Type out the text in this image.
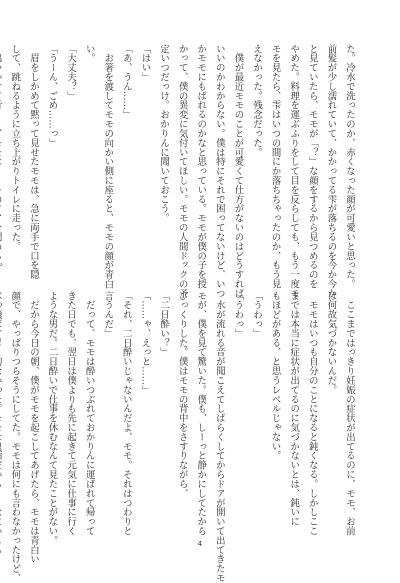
た。冷水で洗ったのか、赤くなった顔が可愛いと思った。
前髪が少し濡れていて、かかってる雫が落ちるのを今か今か
と見ていたら、モモが「？」な顔をするから見つめるのを
やめた。料理を運ぶふりをして目を反らしても、もう一度モ
モを見たら、雫はいつの間にか落ちちゃったのか、もう見
えなかった。残念だった。
　僕が最近モモのことが可愛くて仕方がないのはどうすれば
いいのかわからない。僕は特にそれで困ってないけど、いつ
かモモにもばれるのかなと思っている。モモが僕の子を授
かって、僕の異変に気付いてほしい。モモの人間ドックの予
定いつだっけ。おかりんに聞いておこう。
「はい」
「あ、うん……」
　お箸を渡してモモの向かい側に座ると、モモの顔が青白
い。
「大丈夫？」
「うーん、ごめ……っ」
　眉をしかめて黙って見せたモモは、急に両手で口を隠
して、跳ねるように立ち上がりトイレに走った。
　ここまではっきり妊娠の症状が出てるのに、モモ、お前
は何故気づかないんだ。
　モモはいつも自分のことになると鈍くなる。しかしここ
までは本当に症状が出てるのに気づかないとは、鈍いに
もほどがある、と思うレベルじゃない。
「うわっ」
「うわっ」
　水が流れる音が聞こえてしばらくしてからドアが開いて出てきたモ
モが、僕を見て驚いた。僕も、しーっと静かにしてたから
びっくりした。僕はモモの背中をさすりながら、
「二日酔い？」
「……ゃ、えっと……」
「それ、二日酔いじゃないんだよ、モモ。それはつわりと
言うんだ」
　だって、モモは酔いつぶれておかりんに運ばれて帰って
きた日でも、翌日は僕よりも先に起きて元気に仕事に行く
ような男だ。二日酔いで仕事を休むなんて見たことがない。
　だから今日の朝、僕がモモを起こしてあげたら、モモは青白い
顔で、やっぱりつらそうにしてた。モモは何にも言わなかったけど、	4
